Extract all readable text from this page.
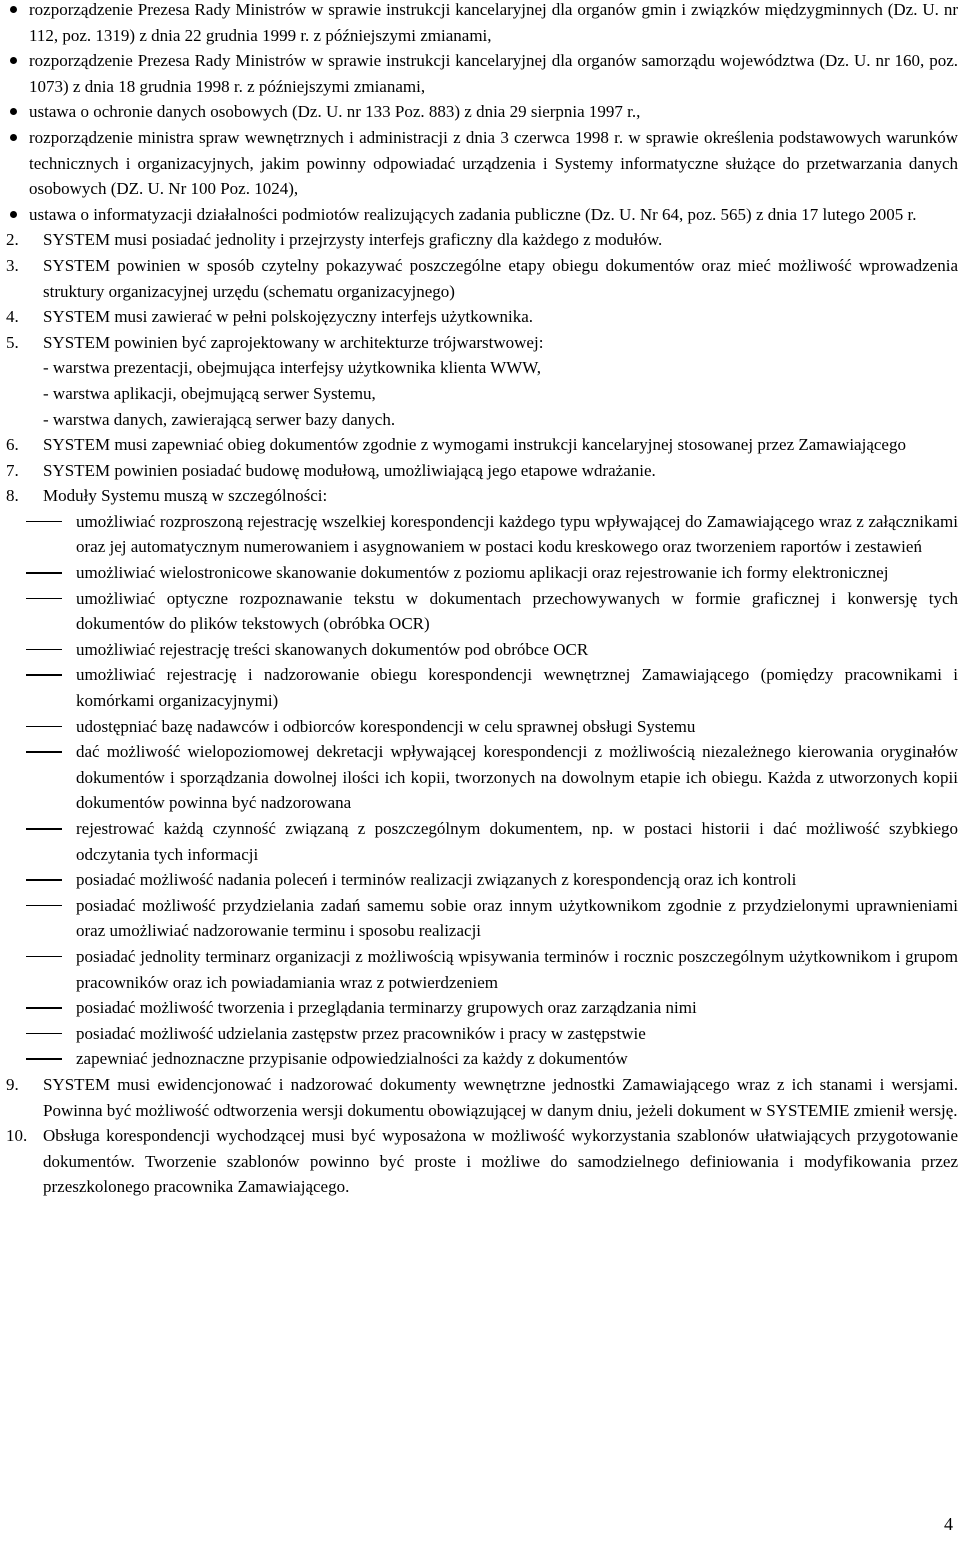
rozporządzenie Prezesa Rady Ministrów w sprawie instrukcji kancelaryjnej dla organów gmin i związków międzygminnych (Dz. U. nr 112, poz. 1319) z dnia 22 grudnia 1999 r. z późniejszymi zmianami,
rozporządzenie Prezesa Rady Ministrów w sprawie instrukcji kancelaryjnej dla organów samorządu województwa (Dz. U. nr 160, poz. 1073) z dnia 18 grudnia 1998 r. z późniejszymi zmianami,
ustawa o ochronie danych osobowych (Dz. U. nr 133 Poz. 883) z dnia 29 sierpnia 1997 r.,
rozporządzenie ministra spraw wewnętrznych i administracji z dnia 3 czerwca 1998 r. w sprawie określenia podstawowych warunków technicznych i organizacyjnych, jakim powinny odpowiadać urządzenia i Systemy informatyczne służące do przetwarzania danych osobowych (DZ. U. Nr 100 Poz. 1024),
ustawa o informatyzacji działalności podmiotów realizujących zadania publiczne (Dz. U. Nr 64, poz. 565) z dnia 17 lutego 2005 r.
2. SYSTEM musi posiadać jednolity i przejrzysty interfejs graficzny dla każdego z modułów.
3. SYSTEM powinien w sposób czytelny pokazywać poszczególne etapy obiegu dokumentów oraz mieć możliwość wprowadzenia struktury organizacyjnej urzędu (schematu organizacyjnego)
4. SYSTEM musi zawierać w pełni polskojęzyczny interfejs użytkownika.
5. SYSTEM powinien być zaprojektowany w architekturze trójwarstwowej:
- warstwa prezentacji, obejmująca interfejsy użytkownika klienta WWW,
- warstwa aplikacji, obejmującą serwer Systemu,
- warstwa danych, zawierającą serwer bazy danych.
6. SYSTEM musi zapewniać obieg dokumentów zgodnie z wymogami instrukcji kancelaryjnej stosowanej przez Zamawiającego
7. SYSTEM powinien posiadać budowę modułową, umożliwiającą jego etapowe wdrażanie.
8. Moduły Systemu muszą w szczególności:
umożliwiać rozproszoną rejestrację wszelkiej korespondencji każdego typu wpływającej do Zamawiającego wraz z załącznikami oraz jej automatycznym numerowaniem i asygnowaniem w postaci kodu kreskowego oraz tworzeniem raportów i zestawień
umożliwiać wielostronicowe skanowanie dokumentów z poziomu aplikacji oraz rejestrowanie ich formy elektronicznej
umożliwiać optyczne rozpoznawanie tekstu w dokumentach przechowywanych w formie graficznej i konwersję tych dokumentów do plików tekstowych (obróbka OCR)
umożliwiać rejestrację treści skanowanych dokumentów pod obróbce OCR
umożliwiać rejestrację i nadzorowanie obiegu korespondencji wewnętrznej Zamawiającego (pomiędzy pracownikami i komórkami organizacyjnymi)
udostępniać bazę nadawców i odbiorców korespondencji w celu sprawnej obsługi Systemu
dać możliwość wielopoziomowej dekretacji wpływającej korespondencji z możliwością niezależnego kierowania oryginałów dokumentów i sporządzania dowolnej ilości ich kopii, tworzonych na dowolnym etapie ich obiegu. Każda z utworzonych kopii dokumentów powinna być nadzorowana
rejestrować każdą czynność związaną z poszczególnym dokumentem, np. w postaci historii i dać możliwość szybkiego odczytania tych informacji
posiadać możliwość nadania poleceń i terminów realizacji związanych z korespondencją oraz ich kontroli
posiadać możliwość przydzielania zadań samemu sobie oraz innym użytkownikom zgodnie z przydzielonymi uprawnieniami oraz umożliwiać nadzorowanie terminu i sposobu realizacji
posiadać jednolity terminarz organizacji z możliwością wpisywania terminów i rocznic poszczególnym użytkownikom i grupom pracowników oraz ich powiadamiania wraz z potwierdzeniem
posiadać możliwość tworzenia i przeglądania terminarzy grupowych oraz zarządzania nimi
posiadać możliwość udzielania zastępstw przez pracowników i pracy w zastępstwie
zapewniać jednoznaczne przypisanie odpowiedzialności za każdy z dokumentów
9. SYSTEM musi ewidencjonować i nadzorować dokumenty wewnętrzne jednostki Zamawiającego wraz z ich stanami i wersjami. Powinna być możliwość odtworzenia wersji dokumentu obowiązującej w danym dniu, jeżeli dokument w SYSTEMIE zmienił wersję.
10. Obsługa korespondencji wychodzącej musi być wyposażona w możliwość wykorzystania szablonów ułatwiających przygotowanie dokumentów. Tworzenie szablonów powinno być proste i możliwe do samodzielnego definiowania i modyfikowania przez przeszkolonego pracownika Zamawiającego.
4
